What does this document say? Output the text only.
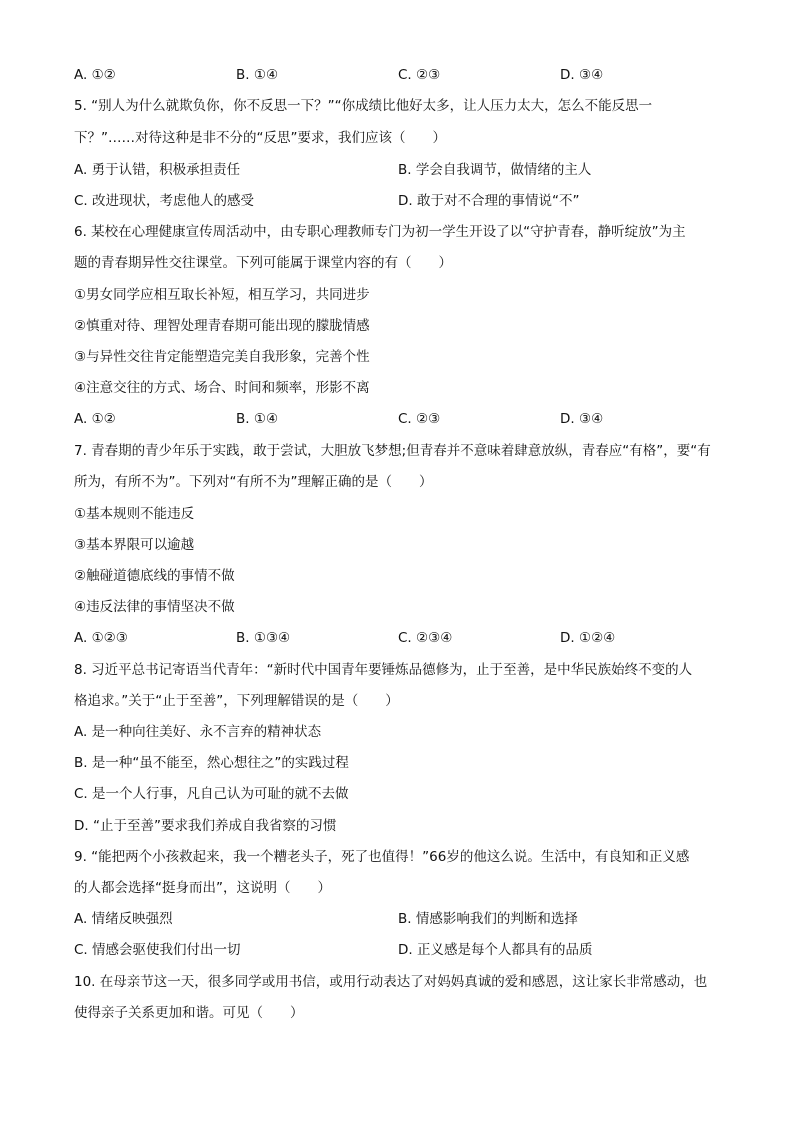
A. ①②	B. ①④	C. ②③	D. ③④
5. “别人为什么就欺负你，你不反思一下？”“你成绩比他好太多，让人压力太大，怎么不能反思一
下？”……对待这种是非不分的“反思”要求，我们应该（　　）
A. 勇于认错，积极承担责任	B. 学会自我调节，做情绪的主人
C. 改进现状，考虑他人的感受	D. 敢于对不合理的事情说“不”
6. 某校在心理健康宣传周活动中，由专职心理教师专门为初一学生开设了以“守护青春，静听绽放”为主
题的青春期异性交往课堂。下列可能属于课堂内容的有（　　）
①男女同学应相互取长补短，相互学习，共同进步
②慎重对待、理智处理青春期可能出现的朦胧情感
③与异性交往肯定能塑造完美自我形象，完善个性
④注意交往的方式、场合、时间和频率，形影不离
A. ①②	B. ①④	C. ②③	D. ③④
7. 青春期的青少年乐于实践，敢于尝试，大胆放飞梦想;但青春并不意味着肆意放纵，青春应“有格”，要“有
所为，有所不为”。下列对“有所不为”理解正确的是（　　）
①基本规则不能违反
③基本界限可以逾越
②触碰道德底线的事情不做
④违反法律的事情坚决不做
A. ①②③	B. ①③④	C. ②③④	D. ①②④
8. 习近平总书记寄语当代青年：“新时代中国青年要锤炼品德修为，止于至善，是中华民族始终不变的人
格追求。”关于“止于至善”，下列理解错误的是（　　）
A. 是一种向往美好、永不言弃的精神状态
B. 是一种“虽不能至，然心想往之”的实践过程
C. 是一个人行事，凡自己认为可耻的就不去做
D. “止于至善”要求我们养成自我省察的习惯
9. “能把两个小孩救起来，我一个糟老头子，死了也值得！”66岁的他这么说。生活中，有良知和正义感
的人都会选择“挺身而出”，这说明（　　）
A. 情绪反映强烈	B. 情感影响我们的判断和选择
C. 情感会驱使我们付出一切	D. 正义感是每个人都具有的品质
10. 在母亲节这一天，很多同学或用书信，或用行动表达了对妈妈真诚的爱和感恩，这让家长非常感动，也
使得亲子关系更加和谐。可见（　　）
